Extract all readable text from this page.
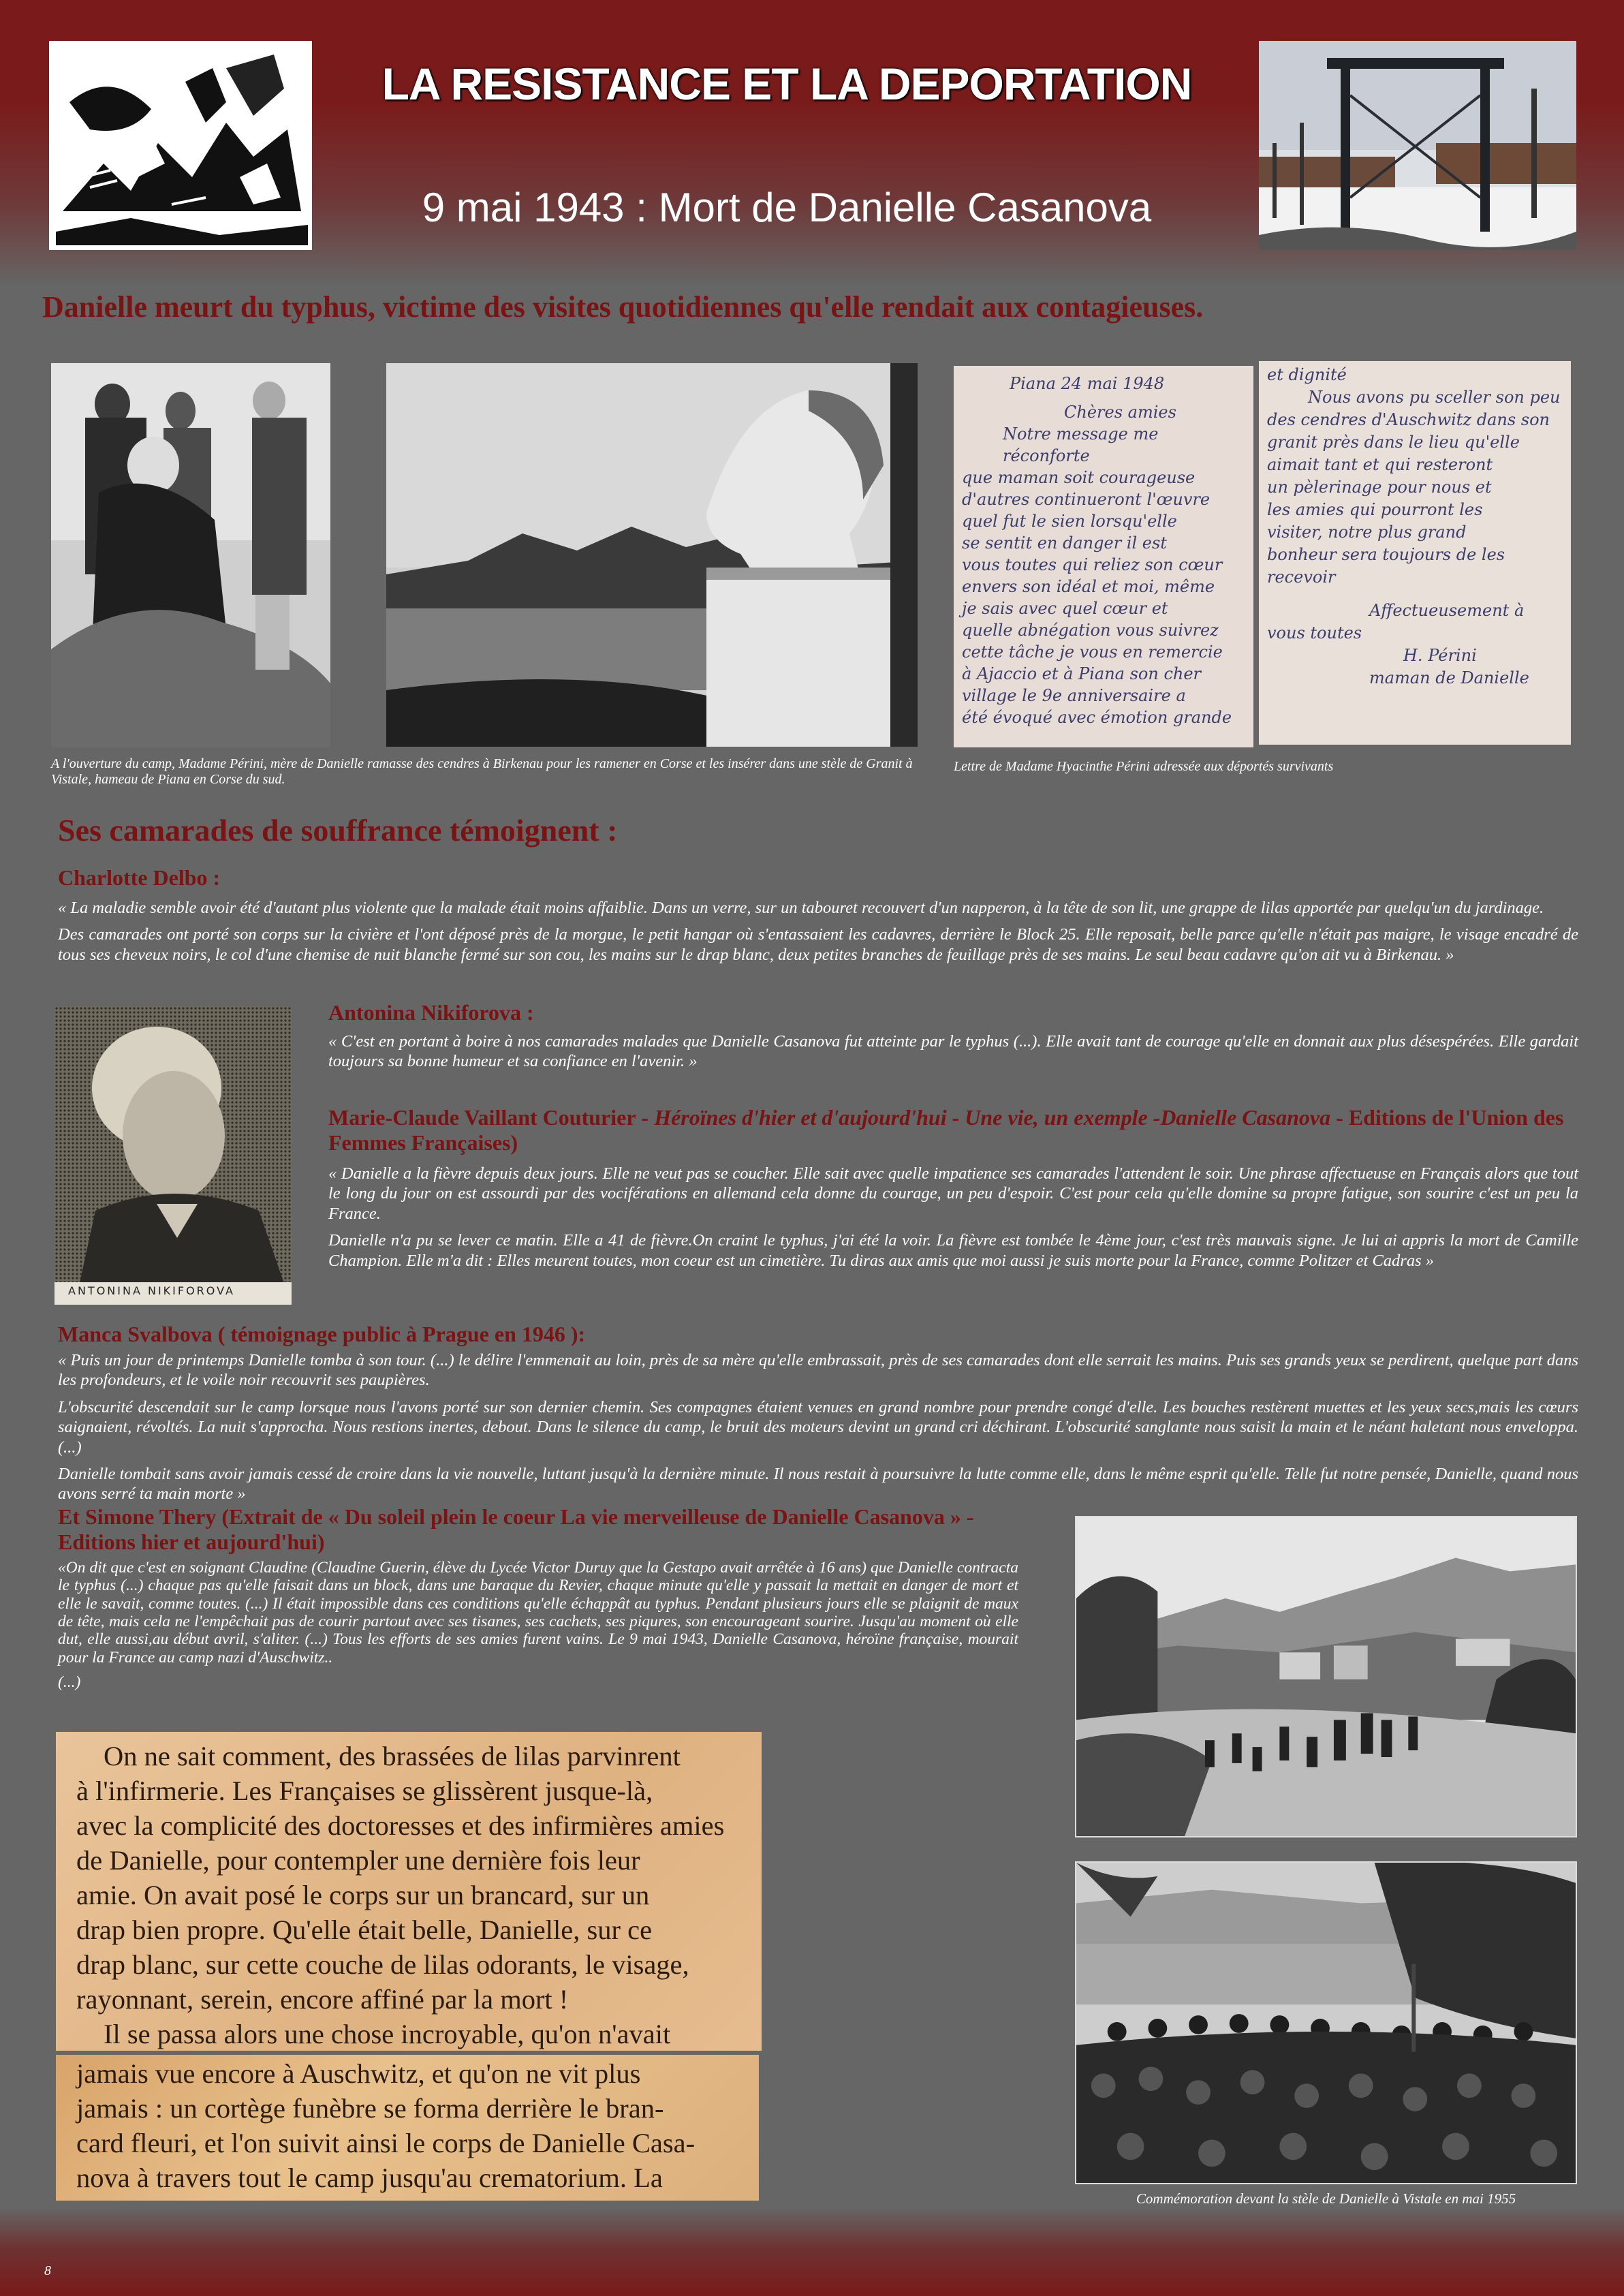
LA RESISTANCE ET LA DEPORTATION
9 mai 1943 : Mort de Danielle Casanova
Danielle meurt du typhus, victime des visites quotidiennes qu'elle rendait aux contagieuses.
Piana 24 mai 1948
Chères amies
Notre message me réconforte
que maman soit courageuse
d'autres continueront l'œuvre
quel fut le sien lorsqu'elle
se sentit en danger il est
vous toutes qui reliez son cœur
envers son idéal et moi, même
je sais avec quel cœur et
quelle abnégation vous suivrez
cette tâche je vous en remercie
à Ajaccio et à Piana son cher
village le 9e anniversaire a
été évoqué avec émotion grande
et dignité
Nous avons pu sceller son peu
des cendres d'Auschwitz dans son
granit près dans le lieu qu'elle
aimait tant et qui resteront
un pèlerinage pour nous et
les amies qui pourront les
visiter, notre plus grand
bonheur sera toujours de les
recevoir
Affectueusement à
vous toutes
H. Périni
maman de Danielle
A l'ouverture du camp, Madame Périni, mère de Danielle ramasse des cendres à Birkenau pour les ramener en Corse et les insérer dans une stèle de Granit à Vistale, hameau de Piana en Corse du sud.
Lettre de Madame Hyacinthe Périni adressée aux déportés survivants
Ses camarades de souffrance témoignent :
Charlotte Delbo :

« La maladie semble avoir été d'autant plus violente que la malade était moins affaiblie. Dans un verre, sur un tabouret recouvert d'un napperon, à la tête de son lit, une grappe de lilas apportée par quelqu'un du jardinage.

Des camarades ont porté son corps sur la civière et l'ont déposé près de la morgue, le petit hangar où s'entassaient les cadavres, derrière le Block 25. Elle reposait, belle parce qu'elle n'était pas maigre, le visage encadré de tous ses cheveux noirs, le col d'une chemise de nuit blanche fermé sur son cou, les mains sur le drap blanc, deux petites branches de feuillage près de ses mains. Le seul beau cadavre qu'on ait vu à Birkenau. »

ANTONINA NIKIFOROVA
Antonina Nikiforova :

« C'est en portant à boire à nos camarades malades que Danielle Casanova fut atteinte par le typhus (...). Elle avait tant de courage qu'elle en donnait aux plus désespérées. Elle gardait toujours sa bonne humeur et sa confiance en l'avenir. »

Marie-Claude Vaillant Couturier - Héroïnes d'hier et d'aujourd'hui - Une vie, un exemple -Danielle Casanova - Editions de l'Union des Femmes Françaises)

« Danielle a la fièvre depuis deux jours. Elle ne veut pas se coucher. Elle sait avec quelle impatience ses camarades l'attendent le soir. Une phrase affectueuse en Français alors que tout le long du jour on est assourdi par des vociférations en allemand cela donne du courage, un peu d'espoir. C'est pour cela qu'elle domine sa propre fatigue, son sourire c'est un peu la France.

Danielle n'a pu se lever ce matin. Elle a 41 de fièvre.On craint le typhus, j'ai été la voir. La fièvre est tombée le 4ème jour, c'est très mauvais signe. Je lui ai appris la mort de Camille Champion. Elle m'a dit : Elles meurent toutes, mon coeur est un cimetière. Tu diras aux amis que moi aussi je suis morte pour la France, comme Politzer et Cadras »

Manca Svalbova ( témoignage public à Prague en 1946 ):

« Puis un jour de printemps Danielle tomba à son tour. (...) le délire l'emmenait au loin, près de sa mère qu'elle embrassait, près de ses camarades dont elle serrait les mains. Puis ses grands yeux se perdirent, quelque part dans les profondeurs, et le voile noir recouvrit ses paupières.

L'obscurité descendait sur le camp lorsque nous l'avons porté sur son dernier chemin. Ses compagnes étaient venues en grand nombre pour prendre congé d'elle. Les bouches restèrent muettes et les yeux secs,mais les cœurs saignaient, révoltés. La nuit s'approcha. Nous restions inertes, debout. Dans le silence du camp, le bruit des moteurs devint un grand cri déchirant. L'obscurité sanglante nous saisit la main et le néant haletant nous enveloppa. (...)

Danielle tombait sans avoir jamais cessé de croire dans la vie nouvelle, luttant jusqu'à la dernière minute. Il nous restait à poursuivre la lutte comme elle, dans le même esprit qu'elle. Telle fut notre pensée, Danielle, quand nous avons serré ta main morte »

Et Simone Thery (Extrait de « Du soleil plein le coeur La vie merveilleuse de Danielle Casanova » - Editions hier et aujourd'hui)

«On dit que c'est en soignant Claudine (Claudine Guerin, élève du Lycée Victor Duruy que la Gestapo avait arrêtée à 16 ans) que Danielle contracta le typhus (...) chaque pas qu'elle faisait dans un block, dans une baraque du Revier, chaque minute qu'elle y passait la mettait en danger de mort et elle le savait, comme toutes. (...) Il était impossible dans ces conditions qu'elle échappât au typhus. Pendant plusieurs jours elle se plaignit de maux de tête, mais cela ne l'empêchait pas de courir partout avec ses tisanes, ses cachets, ses piqures, son encourageant sourire. Jusqu'au moment où elle dut, elle aussi,au début avril, s'aliter. (...) Tous les efforts de ses amies furent vains. Le 9 mai 1943, Danielle Casanova, héroïne française, mourait pour la France au camp nazi d'Auschwitz..

(...)

On ne sait comment, des brassées de lilas parvinrent

à l'infirmerie. Les Françaises se glissèrent jusque-là,

avec la complicité des doctoresses et des infirmières amies

de Danielle, pour contempler une dernière fois leur

amie. On avait posé le corps sur un brancard, sur un

drap bien propre. Qu'elle était belle, Danielle, sur ce

drap blanc, sur cette couche de lilas odorants, le visage,

rayonnant, serein, encore affiné par la mort !

Il se passa alors une chose incroyable, qu'on n'avait

jamais vue encore à Auschwitz, et qu'on ne vit plus

jamais : un cortège funèbre se forma derrière le bran-

card fleuri, et l'on suivit ainsi le corps de Danielle Casa-

nova à travers tout le camp jusqu'au crematorium. La

Commémoration devant la stèle de Danielle à Vistale en mai 1955
8
